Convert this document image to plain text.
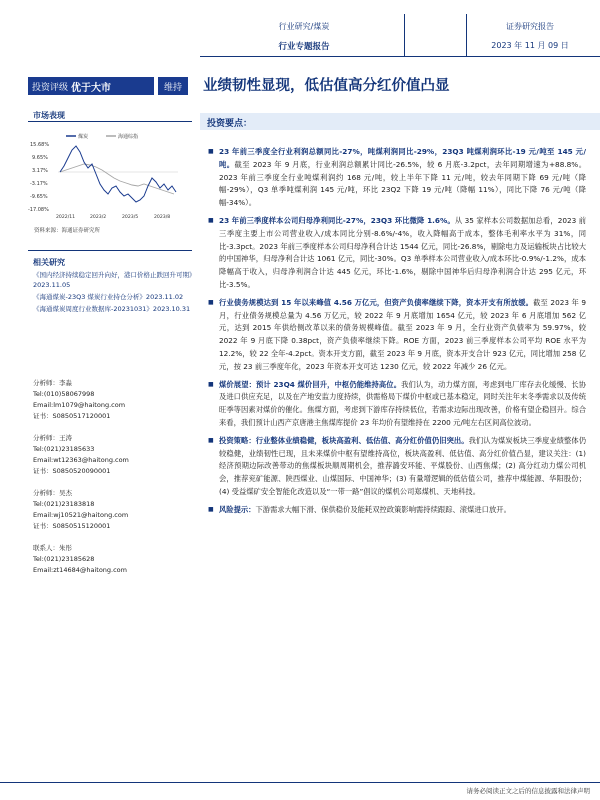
行业研究/煤炭
行业专题报告
证券研究报告
2023 年 11 月 09 日
投资评级 优于大市	维持	业绩韧性显现，低估值高分红价值凸显
市场表现
煤炭	海通综指
15.68%
9.65%
3.17%
-3.17%
-9.65%
-17.08%
2022/11	2023/2	2023/5	2023/8
资料来源：海通证券研究所
相关研究
《国内经济持续稳定回升向好，港口价格止跌回升可期》2023.11.05
《海通煤炭-23Q3 煤炭行业持仓分析》2023.11.02
《海通煤炭周度行业数据库-20231031》2023.10.31
分析师：李淼
Tel:(010)58067998
Email:lm1079@haitong.com
证书：S0850517120001
分析师：王涛
Tel:(021)23185633
Email:wt12363@haitong.com
证书：S0850520090001
分析师：吴杰
Tel:(021)23183818
Email:wj10521@haitong.com
证书：S0850515120001
联系人：朱彤
Tel:(021)23185628
Email:zt14684@haitong.com
投资要点：
■ 23 年前三季度全行业利润总额同比-27%，吨煤利润同比-29%，23Q3 吨煤利润环比-19 元/吨至 145 元/吨。截至 2023 年 9 月底，行业利润总额累计同比-26.5%，较 6 月底-3.2pct，去年同期增速为+88.8%。2023 年前三季度全行业吨煤利润约 168 元/吨，较上半年下降 11 元/吨，较去年同期下降 69 元/吨（降幅-29%），Q3 单季吨煤利润 145 元/吨，环比 23Q2 下降 19 元/吨（降幅 11%），同比下降 76 元/吨（降幅-34%）。
■ 23 年前三季度样本公司归母净利同比-27%，23Q3 环比微降 1.6%。从 35 家样本公司数据加总看，2023 前三季度主要上市公司营业收入/成本同比分别-8.6%/-4%，收入降幅高于成本，整体毛利率水平为 31%，同比-3.3pct。2023 年前三季度样本公司归母净利合计达 1544 亿元，同比-26.8%，剔除电力及运输板块占比较大的中国神华，归母净利合计达 1061 亿元，同比-30%。Q3 单季样本公司营业收入/成本环比-0.9%/-1.2%，成本降幅高于收入，归母净利润合计达 445 亿元，环比-1.6%，剔除中国神华后归母净利润合计达 295 亿元，环比-3.5%。
■ 行业债务规模达到 15 年以来峰值 4.56 万亿元，但资产负债率继续下降，资本开支有所放缓。截至 2023 年 9 月，行业债务规模总量为 4.56 万亿元，较 2022 年 9 月底增加 1654 亿元，较 2023 年 6 月底增加 562 亿元，达到 2015 年供给侧改革以来的债务规模峰值。截至 2023 年 9 月，全行业资产负债率为 59.97%，较 2022 年 9 月底下降 0.38pct，资产负债率继续下降。ROE 方面，2023 前三季度样本公司平均 ROE 水平为 12.2%，较 22 全年-4.2pct。资本开支方面，截至 2023 年 9 月底，资本开支合计 923 亿元，同比增加 258 亿元，按 23 前三季度年化，2023 年资本开支可达 1230 亿元，较 2022 年减少 26 亿元。
■ 煤价展望：预计 23Q4 煤价回升，中枢仍能维持高位。我们认为，动力煤方面，考虑到电厂库存去化缓慢、长协及进口供应充足，以及在产地安监力度持续，供需格局下煤价中枢或已基本稳定，同时关注年末冬季需求以及传统旺季等因素对煤价的催化。焦煤方面，考虑到下游库存持续低位，若需求边际出现改善，价格有望企稳回升。综合来看，我们预计山西产京唐港主焦煤库提价 23 年均价有望维持在 2200 元/吨左右区间高位波动。
■ 投资策略：行业整体业绩稳健，板块高盈利、低估值、高分红价值仍旧突出。我们认为煤炭板块三季度业绩整体仍较稳健，业绩韧性已现，且未来煤价中枢有望维持高位，板块高盈利、低估值、高分红价值凸显，建议关注：(1) 经济预期边际改善带动的焦煤板块顺周期机会，推荐潞安环能、平煤股份、山西焦煤；(2) 高分红动力煤公司机会，推荐兖矿能源、陕西煤业、山煤国际、中国神华；(3) 有量增逻辑的低估值公司，推荐中煤能源、华阳股份；(4) 受益煤矿安全智能化改造以及“一带一路”倡议的煤机公司郑煤机、天地科技。
■ 风险提示：下游需求大幅下滑、保供稳价及能耗双控政策影响需持续跟踪、滚煤进口放开。
请务必阅读正文之后的信息披露和法律声明
